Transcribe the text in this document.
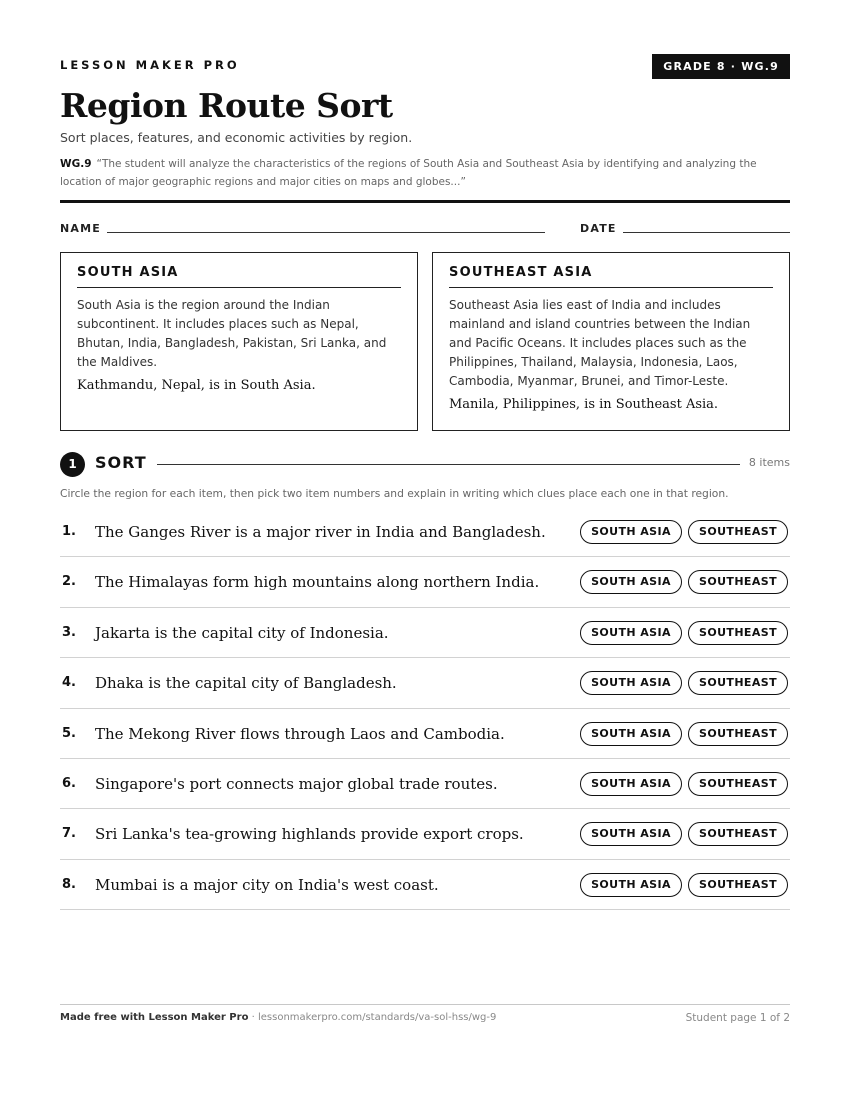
LESSON MAKER PRO	GRADE 8 · WG.9
Region Route Sort
Sort places, features, and economic activities by region.
WG.9 “The student will analyze the characteristics of the regions of South Asia and Southeast Asia by identifying and analyzing the location of major geographic regions and major cities on maps and globes...”
NAME	DATE
SOUTH ASIA
South Asia is the region around the Indian subcontinent. It includes places such as Nepal, Bhutan, India, Bangladesh, Pakistan, Sri Lanka, and the Maldives.
Kathmandu, Nepal, is in South Asia.
SOUTHEAST ASIA
Southeast Asia lies east of India and includes mainland and island countries between the Indian and Pacific Oceans. It includes places such as the Philippines, Thailand, Malaysia, Indonesia, Laos, Cambodia, Myanmar, Brunei, and Timor-Leste.
Manila, Philippines, is in Southeast Asia.
1	SORT	8 items
Circle the region for each item, then pick two item numbers and explain in writing which clues place each one in that region.
1. The Ganges River is a major river in India and Bangladesh.	SOUTH ASIA	SOUTHEAST
2. The Himalayas form high mountains along northern India.	SOUTH ASIA	SOUTHEAST
3. Jakarta is the capital city of Indonesia.	SOUTH ASIA	SOUTHEAST
4. Dhaka is the capital city of Bangladesh.	SOUTH ASIA	SOUTHEAST
5. The Mekong River flows through Laos and Cambodia.	SOUTH ASIA	SOUTHEAST
6. Singapore's port connects major global trade routes.	SOUTH ASIA	SOUTHEAST
7. Sri Lanka's tea-growing highlands provide export crops.	SOUTH ASIA	SOUTHEAST
8. Mumbai is a major city on India's west coast.	SOUTH ASIA	SOUTHEAST
Made free with Lesson Maker Pro · lessonmakerpro.com/standards/va-sol-hss/wg-9	Student page 1 of 2
